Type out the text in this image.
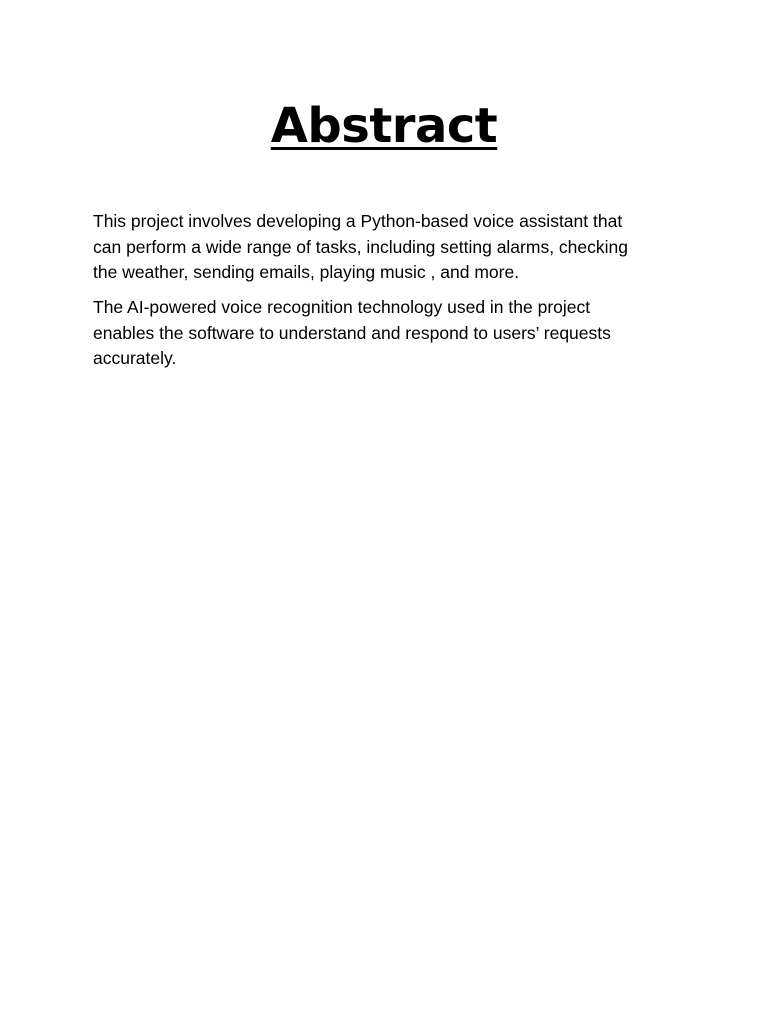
Abstract

This project involves developing a Python-based voice assistant that
can perform a wide range of tasks, including setting alarms, checking
the weather, sending emails, playing music , and more.

The AI-powered voice recognition technology used in the project
enables the software to understand and respond to users’ requests
accurately.
